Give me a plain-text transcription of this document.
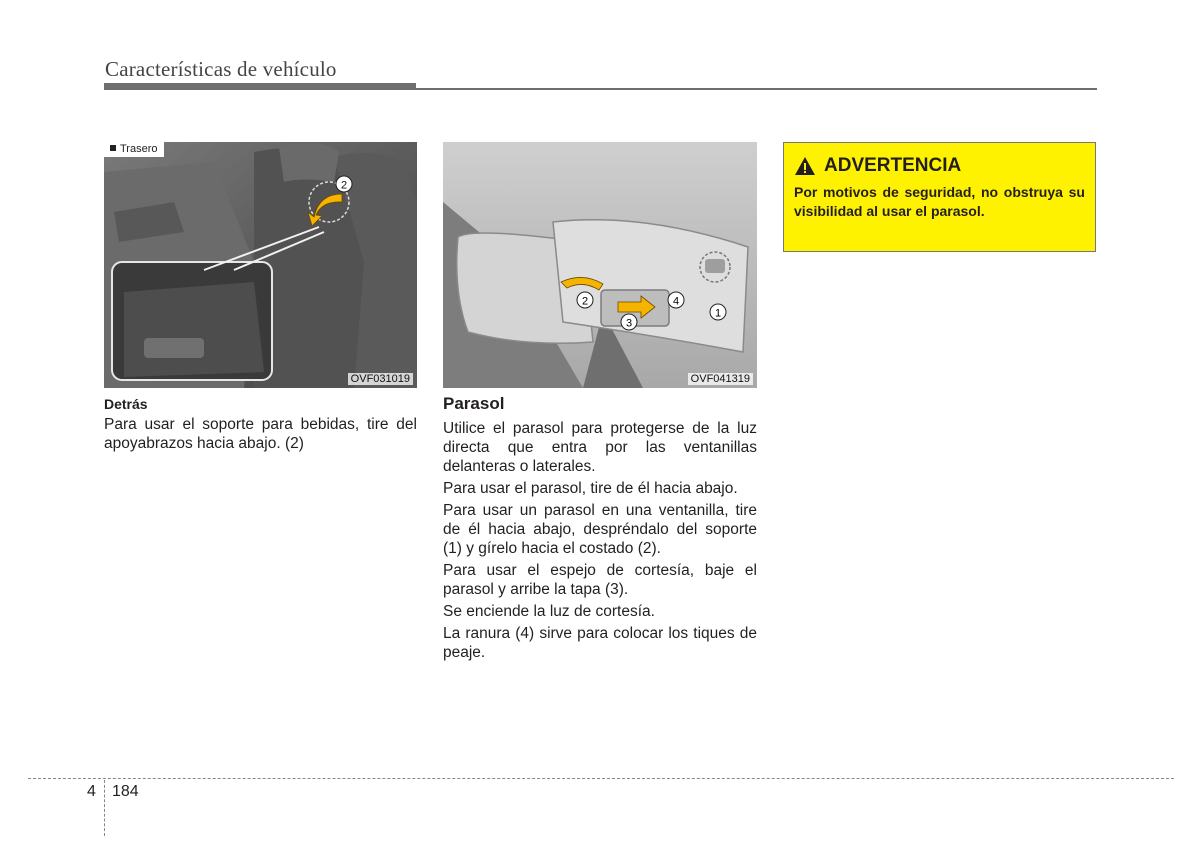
Características de vehículo
2
Trasero
OVF031019
1
2
3
4
OVF041319
Detrás

Para usar el soporte para bebidas, tire del apoyabrazos hacia abajo. (2)

Parasol

Utilice el parasol para protegerse de la luz directa que entra por las ventanillas delanteras o laterales.

Para usar el parasol, tire de él hacia abajo.

Para usar un parasol en una ventanilla, tire de él hacia abajo, despréndalo del soporte (1) y gírelo hacia el costado (2).

Para usar el espejo de cortesía, baje el parasol y arribe la tapa (3).

Se enciende la luz de cortesía.

La ranura (4) sirve para colocar los tiques de peaje.

ADVERTENCIA

Por motivos de seguridad, no obstruya su visibilidad al usar el parasol.

4 184
